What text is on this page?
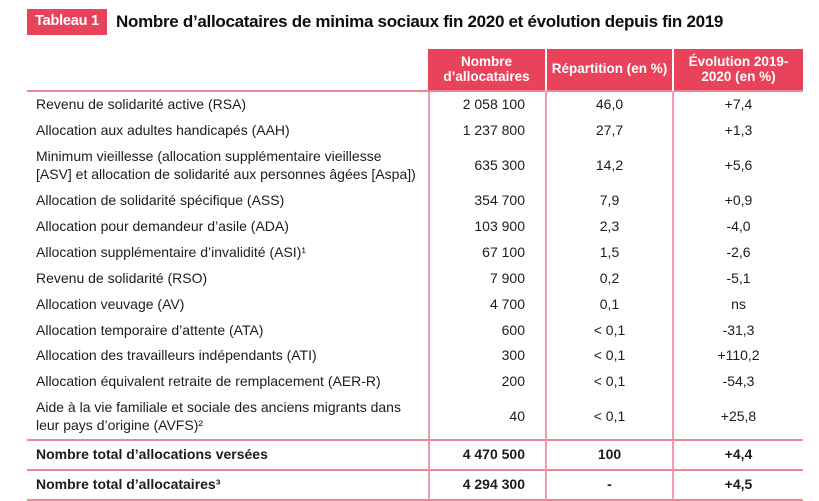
Tableau 1	Nombre d’allocataires de minima sociaux fin 2020 et évolution depuis fin 2019
	Nombre d’allocataires	Répartition (en %)	Évolution 2019-2020 (en %)
Revenu de solidarité active (RSA)	2 058 100	46,0	+7,4
Allocation aux adultes handicapés (AAH)	1 237 800	27,7	+1,3
Minimum vieillesse (allocation supplémentaire vieillesse [ASV] et allocation de solidarité aux personnes âgées [Aspa])	635 300	14,2	+5,6
Allocation de solidarité spécifique (ASS)	354 700	7,9	+0,9
Allocation pour demandeur d’asile (ADA)	103 900	2,3	-4,0
Allocation supplémentaire d’invalidité (ASI)¹	67 100	1,5	-2,6
Revenu de solidarité (RSO)	7 900	0,2	-5,1
Allocation veuvage (AV)	4 700	0,1	ns
Allocation temporaire d’attente (ATA)	600	< 0,1	-31,3
Allocation des travailleurs indépendants (ATI)	300	< 0,1	+110,2
Allocation équivalent retraite de remplacement (AER-R)	200	< 0,1	-54,3
Aide à la vie familiale et sociale des anciens migrants dans leur pays d’origine (AVFS)²	40	< 0,1	+25,8
Nombre total d’allocations versées	4 470 500	100	+4,4
Nombre total d’allocataires³	4 294 300	-	+4,5
